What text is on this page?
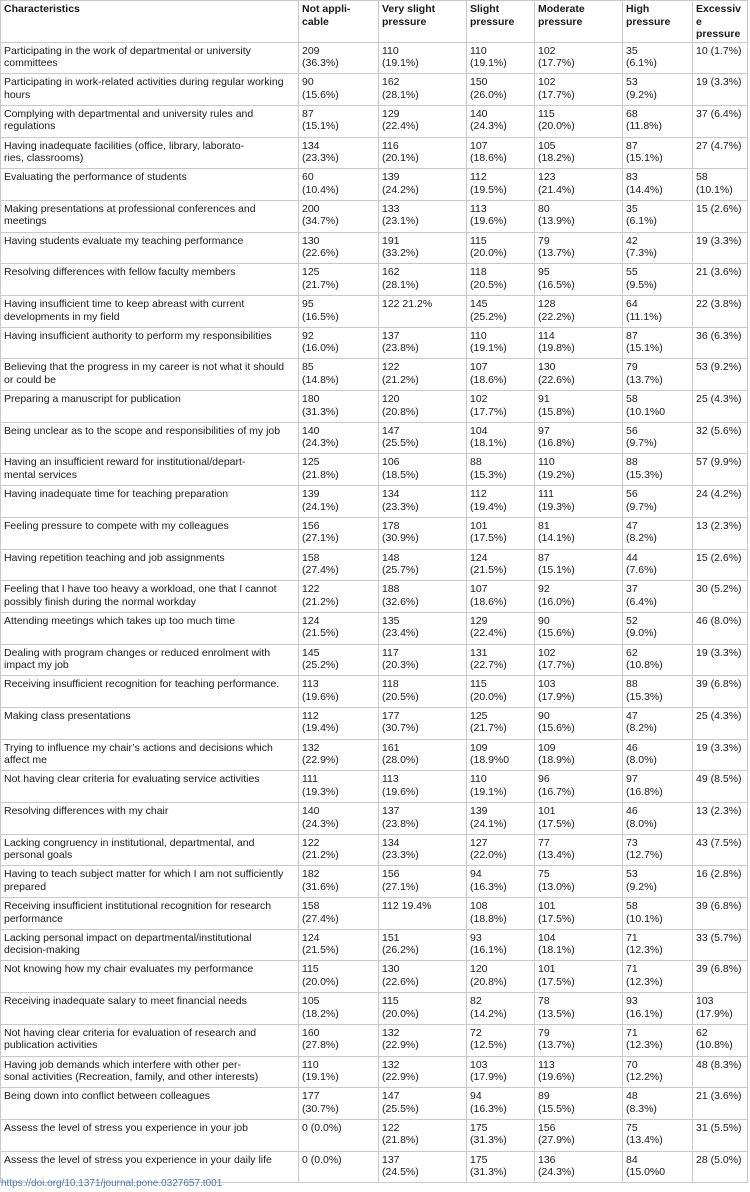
Characteristics	Not appli-
cable	Very slight pressure	Slight pressure	Moderate pressure	High pressure	Excessive pressure
Participating in the work of departmental or university committees	209
(36.3%)	110
(19.1%)	110
(19.1%)	102
(17.7%)	35
(6.1%)	10 (1.7%)
Participating in work-related activities during regular working hours	90
(15.6%)	162
(28.1%)	150
(26.0%)	102
(17.7%)	53
(9.2%)	19 (3.3%)
Complying with departmental and university rules and regulations	87
(15.1%)	129
(22.4%)	140
(24.3%)	115
(20.0%)	68
(11.8%)	37 (6.4%)
Having inadequate facilities (office, library, laborato-
ries, classrooms)	134
(23.3%)	116
(20.1%)	107
(18.6%)	105
(18.2%)	87
(15.1%)	27 (4.7%)
Evaluating the performance of students	60
(10.4%)	139
(24.2%)	112
(19.5%)	123
(21.4%)	83
(14.4%)	58
(10.1%)
Making presentations at professional conferences and meetings	200
(34.7%)	133
(23.1%)	113
(19.6%)	80
(13.9%)	35
(6.1%)	15 (2.6%)
Having students evaluate my teaching performance	130
(22.6%)	191
(33.2%)	115
(20.0%)	79
(13.7%)	42
(7.3%)	19 (3.3%)
Resolving differences with fellow faculty members	125
(21.7%)	162
(28.1%)	118
(20.5%)	95
(16.5%)	55
(9.5%)	21 (3.6%)
Having insufficient time to keep abreast with current developments in my field	95
(16.5%)	122 21.2%	145
(25.2%)	128
(22.2%)	64
(11.1%)	22 (3.8%)
Having insufficient authority to perform my responsibilities	92
(16.0%)	137
(23.8%)	110
(19.1%)	114
(19.8%)	87
(15.1%)	36 (6.3%)
Believing that the progress in my career is not what it should or could be	85
(14.8%)	122
(21.2%)	107
(18.6%)	130
(22.6%)	79
(13.7%)	53 (9.2%)
Preparing a manuscript for publication	180
(31.3%)	120
(20.8%)	102
(17.7%)	91
(15.8%)	58
(10.1%0	25 (4.3%)
Being unclear as to the scope and responsibilities of my job	140
(24.3%)	147
(25.5%)	104
(18.1%)	97
(16.8%)	56
(9.7%)	32 (5.6%)
Having an insufficient reward for institutional/depart-
mental services	125
(21.8%)	106
(18.5%)	88
(15.3%)	110
(19.2%)	88
(15.3%)	57 (9.9%)
Having inadequate time for teaching preparation	139
(24.1%)	134
(23.3%)	112
(19.4%)	111
(19.3%)	56
(9.7%)	24 (4.2%)
Feeling pressure to compete with my colleagues	156
(27.1%)	178
(30.9%)	101
(17.5%)	81
(14.1%)	47
(8.2%)	13 (2.3%)
Having repetition teaching and job assignments	158
(27.4%)	148
(25.7%)	124
(21.5%)	87
(15.1%)	44
(7.6%)	15 (2.6%)
Feeling that I have too heavy a workload, one that I cannot possibly finish during the normal workday	122
(21.2%)	188
(32.6%)	107
(18.6%)	92
(16.0%)	37
(6.4%)	30 (5.2%)
Attending meetings which takes up too much time	124
(21.5%)	135
(23.4%)	129
(22.4%)	90
(15.6%)	52
(9.0%)	46 (8.0%)
Dealing with program changes or reduced enrolment with impact my job	145
(25.2%)	117
(20.3%)	131
(22.7%)	102
(17.7%)	62
(10.8%)	19 (3.3%)
Receiving insufficient recognition for teaching performance.	113
(19.6%)	118
(20.5%)	115
(20.0%)	103
(17.9%)	88
(15.3%)	39 (6.8%)
Making class presentations	112
(19.4%)	177
(30.7%)	125
(21.7%)	90
(15.6%)	47
(8.2%)	25 (4.3%)
Trying to influence my chair’s actions and decisions which affect me	132
(22.9%)	161
(28.0%)	109
(18.9%0	109
(18.9%)	46
(8.0%)	19 (3.3%)
Not having clear criteria for evaluating service activities	111
(19.3%)	113
(19.6%)	110
(19.1%)	96
(16.7%)	97
(16.8%)	49 (8.5%)
Resolving differences with my chair	140
(24.3%)	137
(23.8%)	139
(24.1%)	101
(17.5%)	46
(8.0%)	13 (2.3%)
Lacking congruency in institutional, departmental, and personal goals	122
(21.2%)	134
(23.3%)	127
(22.0%)	77
(13.4%)	73
(12.7%)	43 (7.5%)
Having to teach subject matter for which I am not sufficiently prepared	182
(31.6%)	156
(27.1%)	94
(16.3%)	75
(13.0%)	53
(9.2%)	16 (2.8%)
Receiving insufficient institutional recognition for research performance	158
(27.4%)	112 19.4%	108
(18.8%)	101
(17.5%)	58
(10.1%)	39 (6.8%)
Lacking personal impact on departmental/institutional decision-making	124
(21.5%)	151
(26.2%)	93
(16.1%)	104
(18.1%)	71
(12.3%)	33 (5.7%)
Not knowing how my chair evaluates my performance	115
(20.0%)	130
(22.6%)	120
(20.8%)	101
(17.5%)	71
(12.3%)	39 (6.8%)
Receiving inadequate salary to meet financial needs	105
(18.2%)	115
(20.0%)	82
(14.2%)	78
(13.5%)	93
(16.1%)	103
(17.9%)
Not having clear criteria for evaluation of research and publication activities	160
(27.8%)	132
(22.9%)	72
(12.5%)	79
(13.7%)	71
(12.3%)	62
(10.8%)
Having job demands which interfere with other per-
sonal activities (Recreation, family, and other interests)	110
(19.1%)	132
(22.9%)	103
(17.9%)	113
(19.6%)	70
(12.2%)	48 (8.3%)
Being down into conflict between colleagues	177
(30.7%)	147
(25.5%)	94
(16.3%)	89
(15.5%)	48
(8.3%)	21 (3.6%)
Assess the level of stress you experience in your job	0 (0.0%)	122
(21.8%)	175
(31.3%)	156
(27.9%)	75
(13.4%)	31 (5.5%)
Assess the level of stress you experience in your daily life	0 (0.0%)	137
(24.5%)	175
(31.3%)	136
(24.3%)	84
(15.0%0	28 (5.0%)
https://doi.org/10.1371/journal.pone.0327657.t001
